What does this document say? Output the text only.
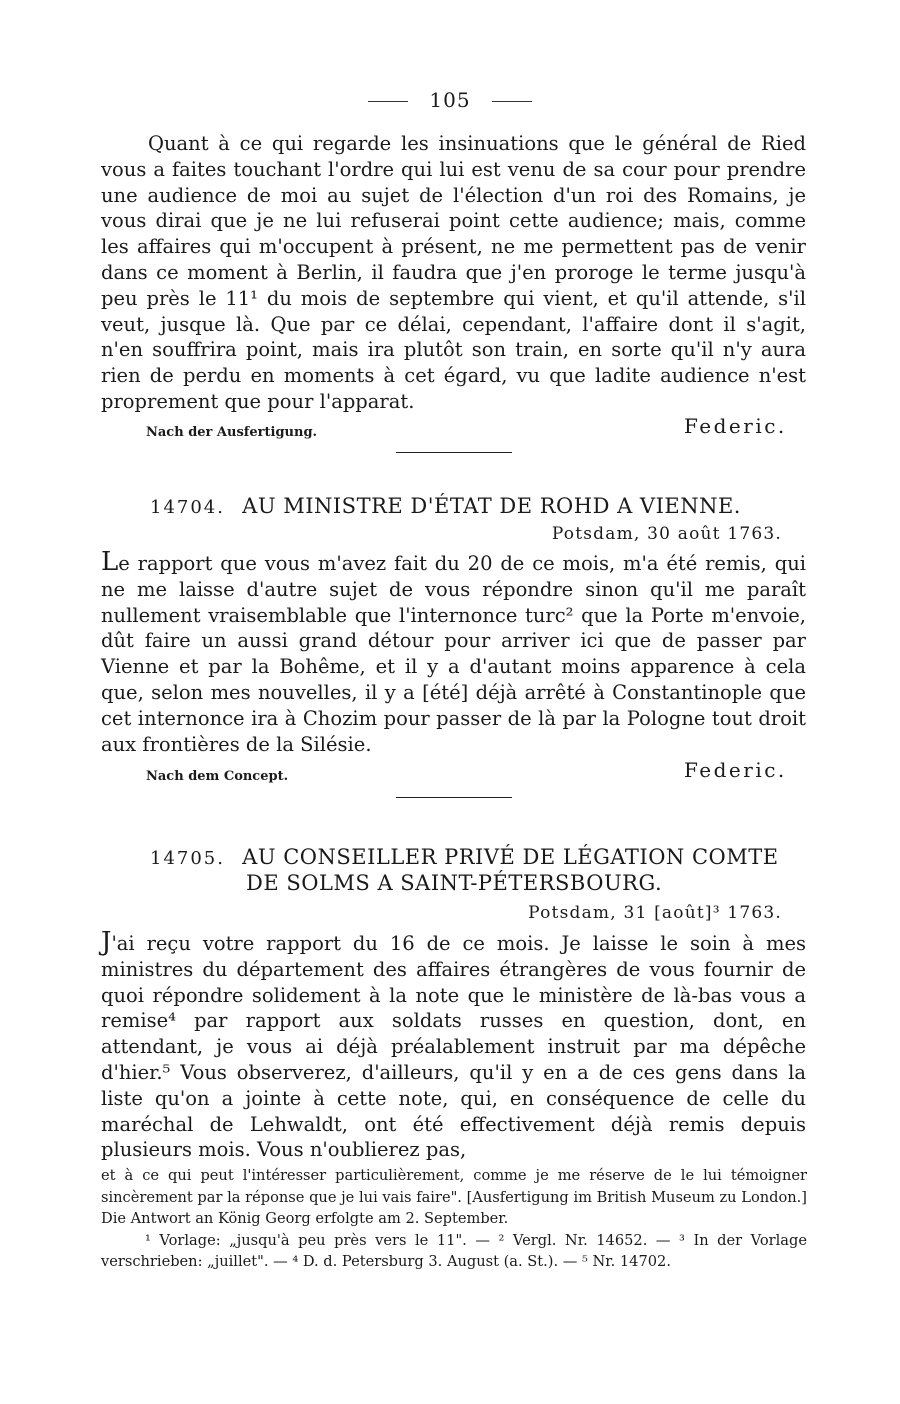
105

Quant à ce qui regarde les insinuations que le général de Ried vous a faites touchant l'ordre qui lui est venu de sa cour pour prendre une audience de moi au sujet de l'élection d'un roi des Romains, je vous dirai que je ne lui refuserai point cette audience; mais, comme les affaires qui m'occupent à présent, ne me permettent pas de venir dans ce moment à Berlin, il faudra que j'en proroge le terme jusqu'à peu près le 11¹ du mois de septembre qui vient, et qu'il attende, s'il veut, jusque là. Que par ce délai, cependant, l'affaire dont il s'agit, n'en souffrira point, mais ira plutôt son train, en sorte qu'il n'y aura rien de perdu en moments à cet égard, vu que ladite audience n'est proprement que pour l'apparat.

Nach der Ausfertigung.	Federic.
14704. AU MINISTRE D'ÉTAT DE ROHD A VIENNE.
Potsdam, 30 août 1763.

Le rapport que vous m'avez fait du 20 de ce mois, m'a été remis, qui ne me laisse d'autre sujet de vous répondre sinon qu'il me paraît nullement vraisemblable que l'internonce turc² que la Porte m'envoie, dût faire un aussi grand détour pour arriver ici que de passer par Vienne et par la Bohême, et il y a d'autant moins apparence à cela que, selon mes nouvelles, il y a [été] déjà arrêté à Constantinople que cet internonce ira à Chozim pour passer de là par la Pologne tout droit aux frontières de la Silésie.

Nach dem Concept.	Federic.
14705. AU CONSEILLER PRIVÉ DE LÉGATION COMTE
DE SOLMS A SAINT-PÉTERSBOURG.
Potsdam, 31 [août]³ 1763.

J'ai reçu votre rapport du 16 de ce mois. Je laisse le soin à mes ministres du département des affaires étrangères de vous fournir de quoi répondre solidement à la note que le ministère de là-bas vous a remise⁴ par rapport aux soldats russes en question, dont, en attendant, je vous ai déjà préalablement instruit par ma dépêche d'hier.⁵ Vous observerez, d'ailleurs, qu'il y en a de ces gens dans la liste qu'on a jointe à cette note, qui, en conséquence de celle du maréchal de Lehwaldt, ont été effectivement déjà remis depuis plusieurs mois. Vous n'oublierez pas,

et à ce qui peut l'intéresser particulièrement, comme je me réserve de le lui témoigner sincèrement par la réponse que je lui vais faire". [Ausfertigung im British Museum zu London.] Die Antwort an König Georg erfolgte am 2. September.

¹ Vorlage: „jusqu'à peu près vers le 11". — ² Vergl. Nr. 14652. — ³ In der Vorlage verschrieben: „juillet". — ⁴ D. d. Petersburg 3. August (a. St.). — ⁵ Nr. 14702.
